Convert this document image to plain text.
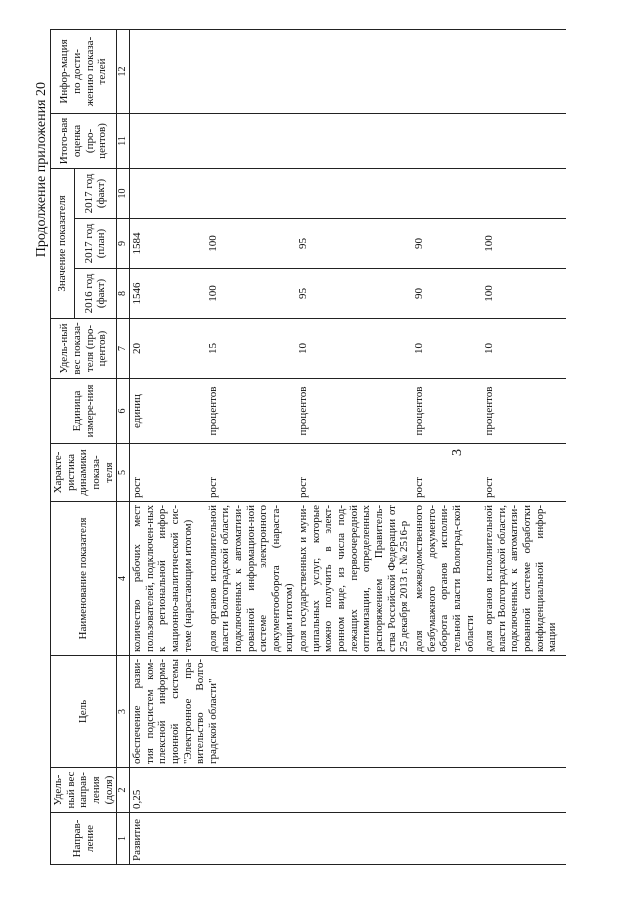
3
Продолжение приложения 20
Направ-ление	Удель-ный вес направ-ления (доля)	Цель	Наименование показателя	Характе-ристика динамики показа-теля	Единица измере-ния	Удель-ный вес показа-теля (про-центов)	Значение показателя			Итого-вая оценка (про-центов)	Инфор-мация по дости-жению показа-телей
							2016 год (факт)	2017 год (план)	2017 год (факт)		
1	2	3	4	5	6	7	8	9	10	11	12
Развитие	0,25	обеспечение разви-тия подсистем ком-плексной информа-ционной системы "Электронное пра-вительство Волго-градской области"	количество рабочих мест пользователей, подключен-ных к региональной инфор-мационно-аналитической сис-теме (нарастающим итогом)	рост	единиц	20	1546	1584			
			доля органов исполнительной власти Волгоградской области, подключенных к автоматизи-рованной информацион-ной системе электронного документооборота (нараста-ющим итогом)	рост	процентов	15	100	100			
			доля государственных и муни-ципальных услуг, которые можно получить в элект-ронном виде, из числа под-лежащих первоочередной оптимизации, определенных распоряжением Правитель-ства Российской Федерации от 25 декабря 2013 г. № 2516-р	рост	процентов	10	95	95			
			доля межведомственного безбумажного документо-оборота органов исполни-тельной власти Волоград-ской области	рост	процентов	10	90	90			
			доля органов исполнительной власти Волгоградской области, подключенных к автоматизи-рованной системе обработки конфиденциальной инфор-мации	рост	процентов	10	100	100			
